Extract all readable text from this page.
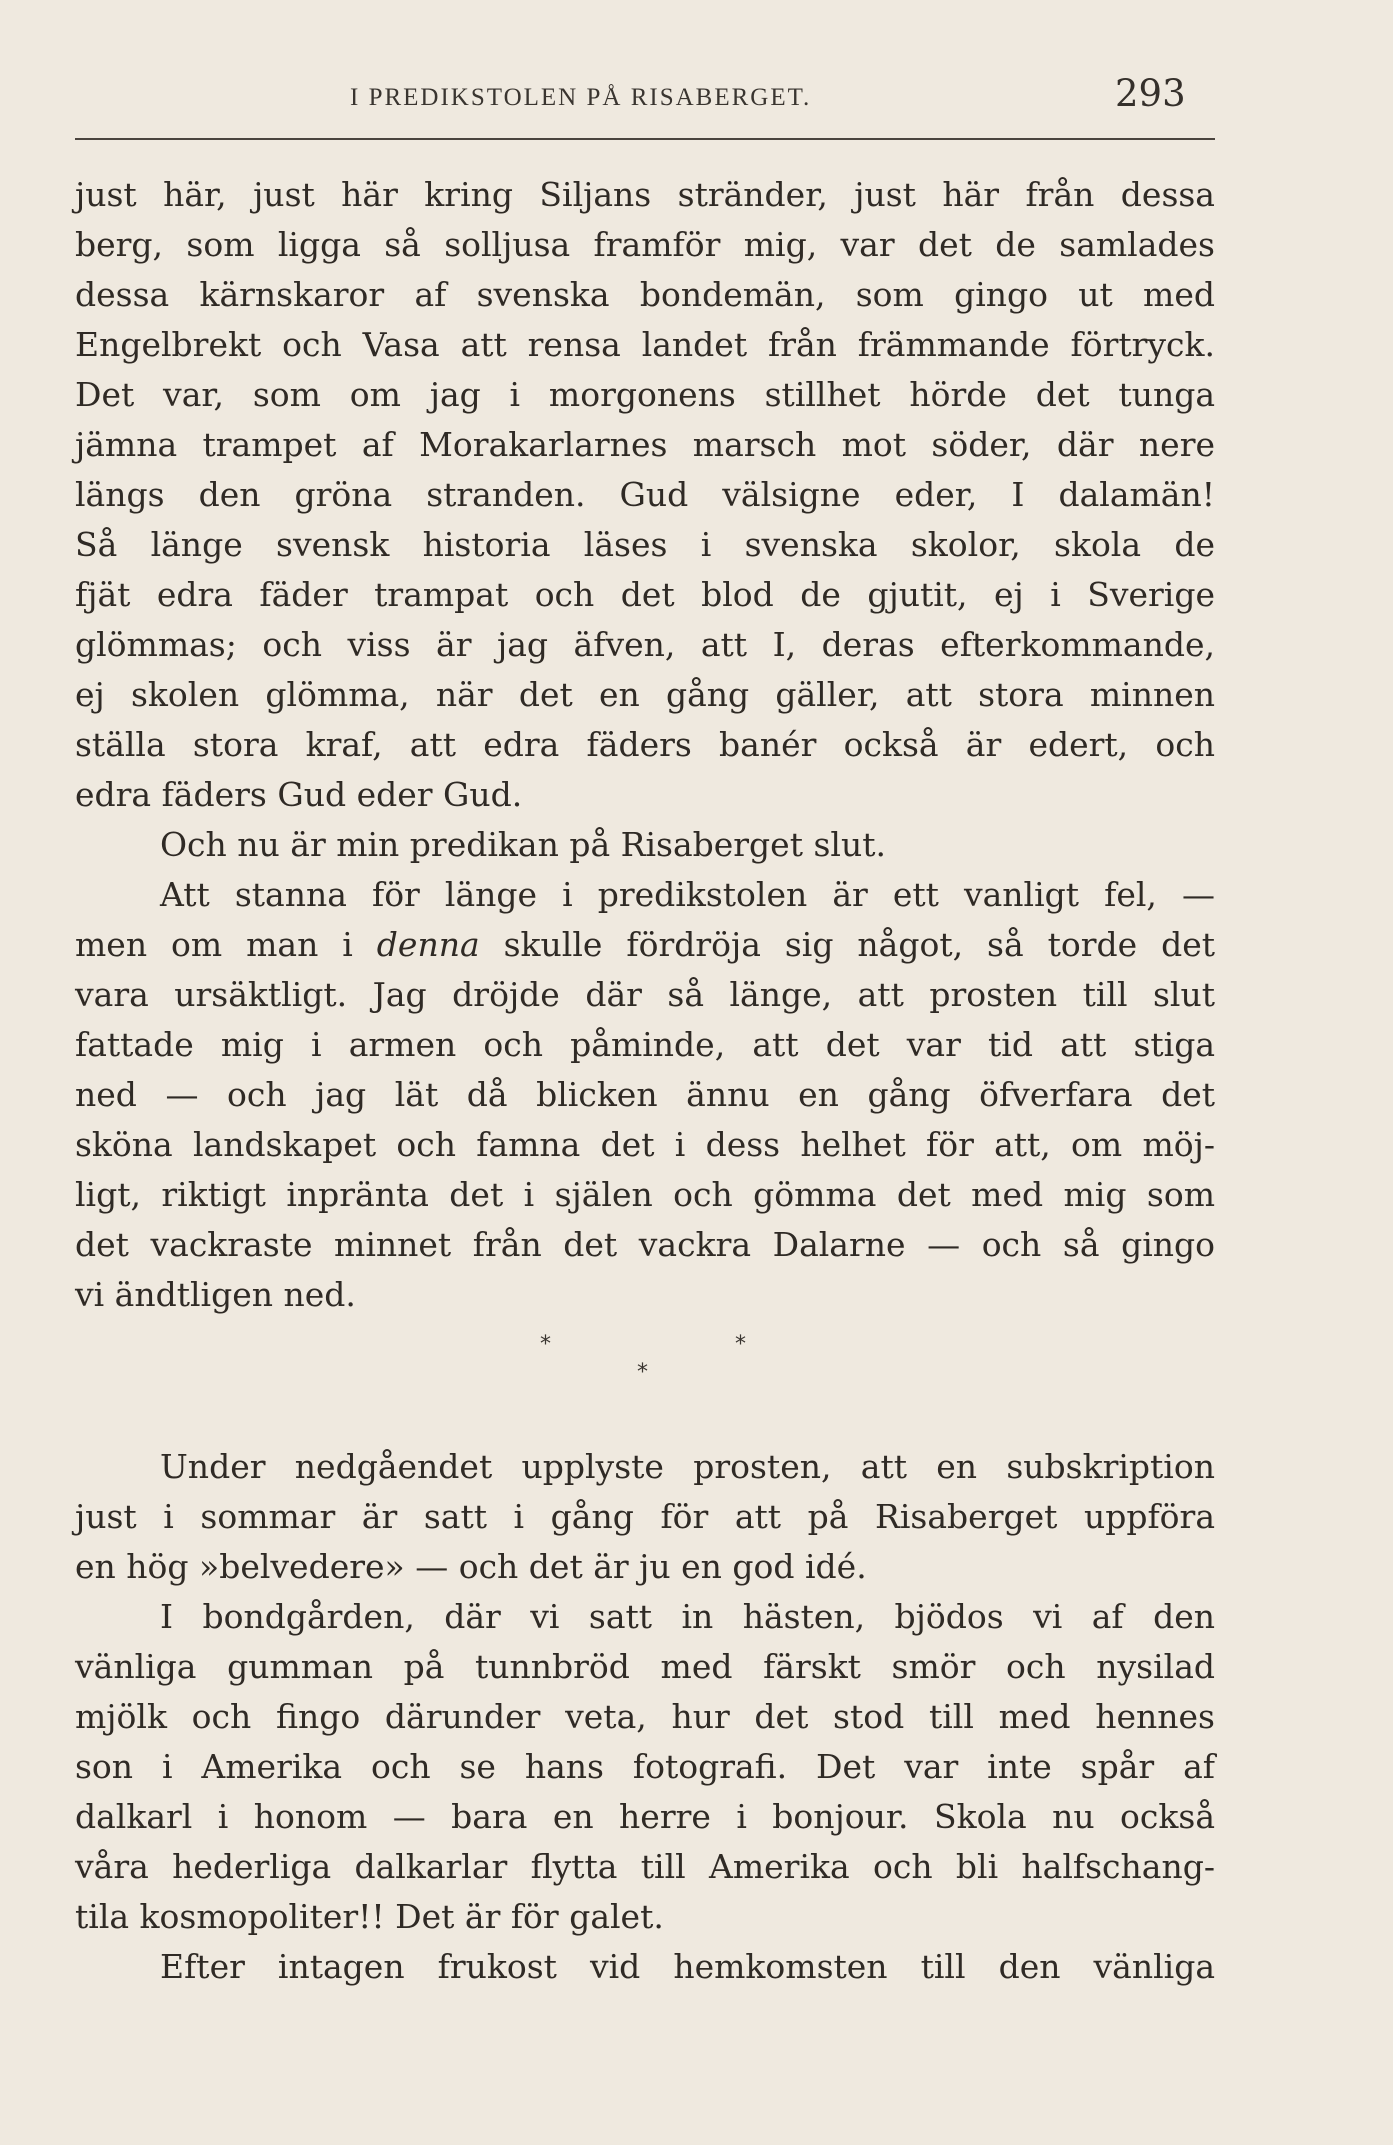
I PREDIKSTOLEN PÅ RISABERGET.	293
just här, just här kring Siljans stränder, just här från dessa
berg, som ligga så solljusa framför mig, var det de samlades
dessa kärnskaror af svenska bondemän, som gingo ut med
Engelbrekt och Vasa att rensa landet från främmande förtryck.
Det var, som om jag i morgonens stillhet hörde det tunga
jämna trampet af Morakarlarnes marsch mot söder, där nere
längs den gröna stranden. Gud välsigne eder, I dalamän!
Så länge svensk historia läses i svenska skolor, skola de
fjät edra fäder trampat och det blod de gjutit, ej i Sverige
glömmas; och viss är jag äfven, att I, deras efterkommande,
ej skolen glömma, när det en gång gäller, att stora minnen
ställa stora kraf, att edra fäders banér också är edert, och
edra fäders Gud eder Gud.
Och nu är min predikan på Risaberget slut.
Att stanna för länge i predikstolen är ett vanligt fel, —
men om man i denna skulle fördröja sig något, så torde det
vara ursäktligt. Jag dröjde där så länge, att prosten till slut
fattade mig i armen och påminde, att det var tid att stiga
ned — och jag lät då blicken ännu en gång öfverfara det
sköna landskapet och famna det i dess helhet för att, om möj-
ligt, riktigt inpränta det i själen och gömma det med mig som
det vackraste minnet från det vackra Dalarne — och så gingo
vi ändtligen ned.
*	*
*
Under nedgåendet upplyste prosten, att en subskription
just i sommar är satt i gång för att på Risaberget uppföra
en hög »belvedere» — och det är ju en god idé.
I bondgården, där vi satt in hästen, bjödos vi af den
vänliga gumman på tunnbröd med färskt smör och nysilad
mjölk och fingo därunder veta, hur det stod till med hennes
son i Amerika och se hans fotografi. Det var inte spår af
dalkarl i honom — bara en herre i bonjour. Skola nu också
våra hederliga dalkarlar flytta till Amerika och bli halfschang-
tila kosmopoliter!! Det är för galet.
Efter intagen frukost vid hemkomsten till den vänliga
